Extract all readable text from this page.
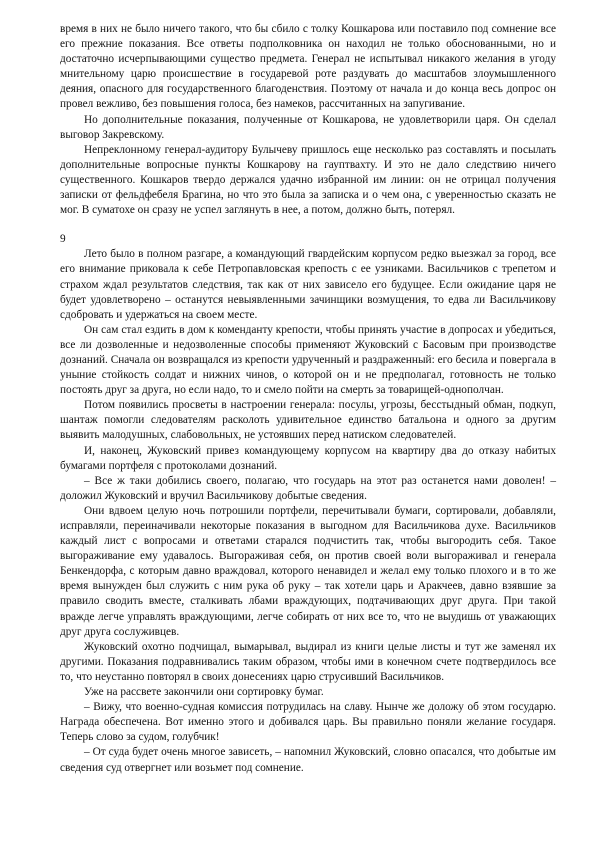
время в них не было ничего такого, что бы сбило с толку Кошкарова или поставило под сомнение все его прежние показания. Все ответы подполковника он находил не только обоснованными, но и достаточно исчерпывающими существо предмета. Генерал не испытывал никакого желания в угоду мнительному царю происшествие в государевой роте раздувать до масштабов злоумышленного деяния, опасного для государственного благоденствия. Поэтому от начала и до конца весь допрос он провел вежливо, без повышения голоса, без намеков, рассчитанных на запугивание.

Но дополнительные показания, полученные от Кошкарова, не удовлетворили царя. Он сделал выговор Закревскому.

Непреклонному генерал-аудитору Булычеву пришлось еще несколько раз составлять и посылать дополнительные вопросные пункты Кошкарову на гауптвахту. И это не дало следствию ничего существенного. Кошкаров твердо держался удачно избранной им линии: он не отрицал получения записки от фельдфебеля Брагина, но что это была за записка и о чем она, с уверенностью сказать не мог. В суматохе он сразу не успел заглянуть в нее, а потом, должно быть, потерял.

9

Лето было в полном разгаре, а командующий гвардейским корпусом редко выезжал за город, все его внимание приковала к себе Петропавловская крепость с ее узниками. Васильчиков с трепетом и страхом ждал результатов следствия, так как от них зависело его будущее. Если ожидание царя не будет удовлетворено – останутся невыявленными зачинщики возмущения, то едва ли Васильчикову сдобровать и удержаться на своем месте.

Он сам стал ездить в дом к коменданту крепости, чтобы принять участие в допросах и убедиться, все ли дозволенные и недозволенные способы применяют Жуковский с Басовым при производстве дознаний. Сначала он возвращался из крепости удрученный и раздраженный: его бесила и повергала в уныние стойкость солдат и нижних чинов, о которой он и не предполагал, готовность не только постоять друг за друга, но если надо, то и смело пойти на смерть за товарищей-однополчан.

Потом появились просветы в настроении генерала: посулы, угрозы, бесстыдный обман, подкуп, шантаж помогли следователям расколоть удивительное единство батальона и одного за другим выявить малодушных, слабовольных, не устоявших перед натиском следователей.

И, наконец, Жуковский привез командующему корпусом на квартиру два до отказу набитых бумагами портфеля с протоколами дознаний.

– Все ж таки добились своего, полагаю, что государь на этот раз останется нами доволен! – доложил Жуковский и вручил Васильчикову добытые сведения.

Они вдвоем целую ночь потрошили портфели, перечитывали бумаги, сортировали, добавляли, исправляли, переиначивали некоторые показания в выгодном для Васильчикова духе. Васильчиков каждый лист с вопросами и ответами старался подчистить так, чтобы выгородить себя. Такое выгораживание ему удавалось. Выгораживая себя, он против своей воли выгораживал и генерала Бенкендорфа, с которым давно враждовал, которого ненавидел и желал ему только плохого и в то же время вынужден был служить с ним рука об руку – так хотели царь и Аракчеев, давно взявшие за правило сводить вместе, сталкивать лбами враждующих, подтачивающих друг друга. При такой вражде легче управлять враждующими, легче собирать от них все то, что не выудишь от уважающих друг друга сослуживцев.

Жуковский охотно подчищал, вымарывал, выдирал из книги целые листы и тут же заменял их другими. Показания подравнивались таким образом, чтобы ими в конечном счете подтвердилось все то, что неустанно повторял в своих донесениях царю струсивший Васильчиков.

Уже на рассвете закончили они сортировку бумаг.

– Вижу, что военно-судная комиссия потрудилась на славу. Нынче же доложу об этом государю. Награда обеспечена. Вот именно этого и добивался царь. Вы правильно поняли желание государя. Теперь слово за судом, голубчик!

– От суда будет очень многое зависеть, – напомнил Жуковский, словно опасался, что добытые им сведения суд отвергнет или возьмет под сомнение.
